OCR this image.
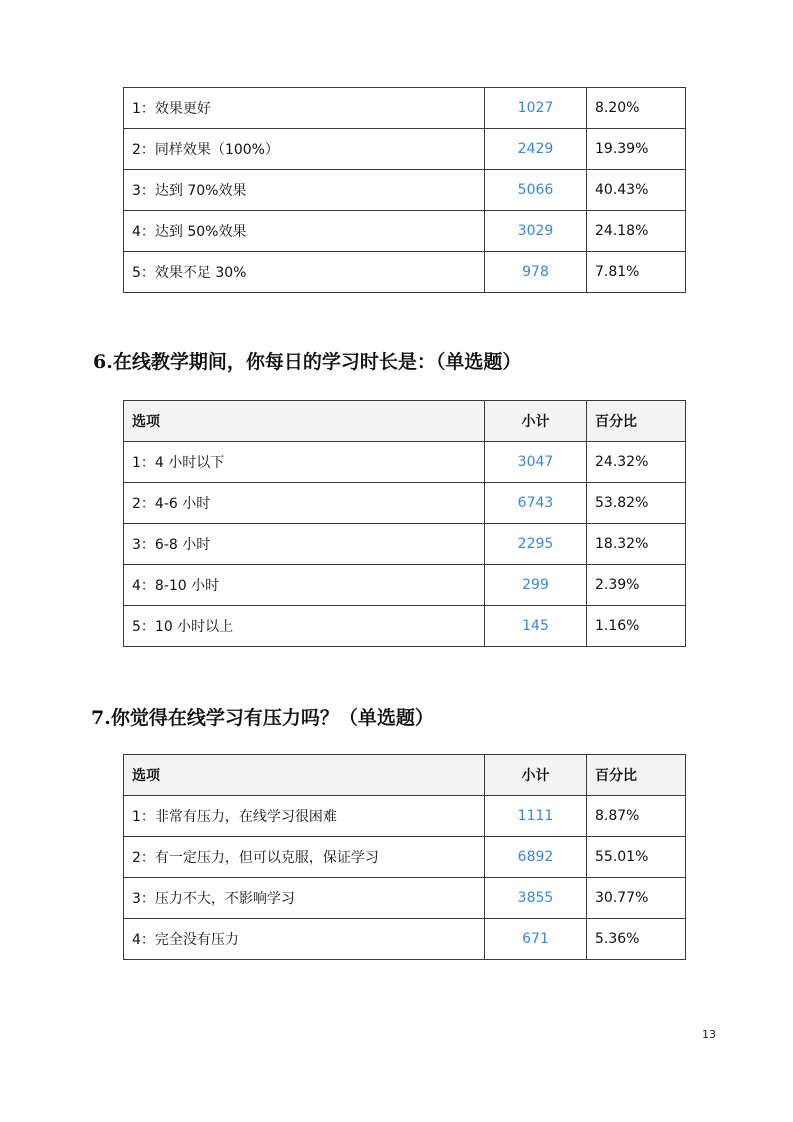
1：效果更好	1027	8.20%
2：同样效果（100%）	2429	19.39%
3：达到 70%效果	5066	40.43%
4：达到 50%效果	3029	24.18%
5：效果不足 30%	978	7.81%
6.在线教学期间，你每日的学习时长是：（单选题）
选项	小计	百分比
1：4 小时以下	3047	24.32%
2：4-6 小时	6743	53.82%
3：6-8 小时	2295	18.32%
4：8-10 小时	299	2.39%
5：10 小时以上	145	1.16%
7.你觉得在线学习有压力吗？（单选题）
选项	小计	百分比
1：非常有压力，在线学习很困难	1111	8.87%
2：有一定压力，但可以克服，保证学习	6892	55.01%
3：压力不大，不影响学习	3855	30.77%
4：完全没有压力	671	5.36%
13
